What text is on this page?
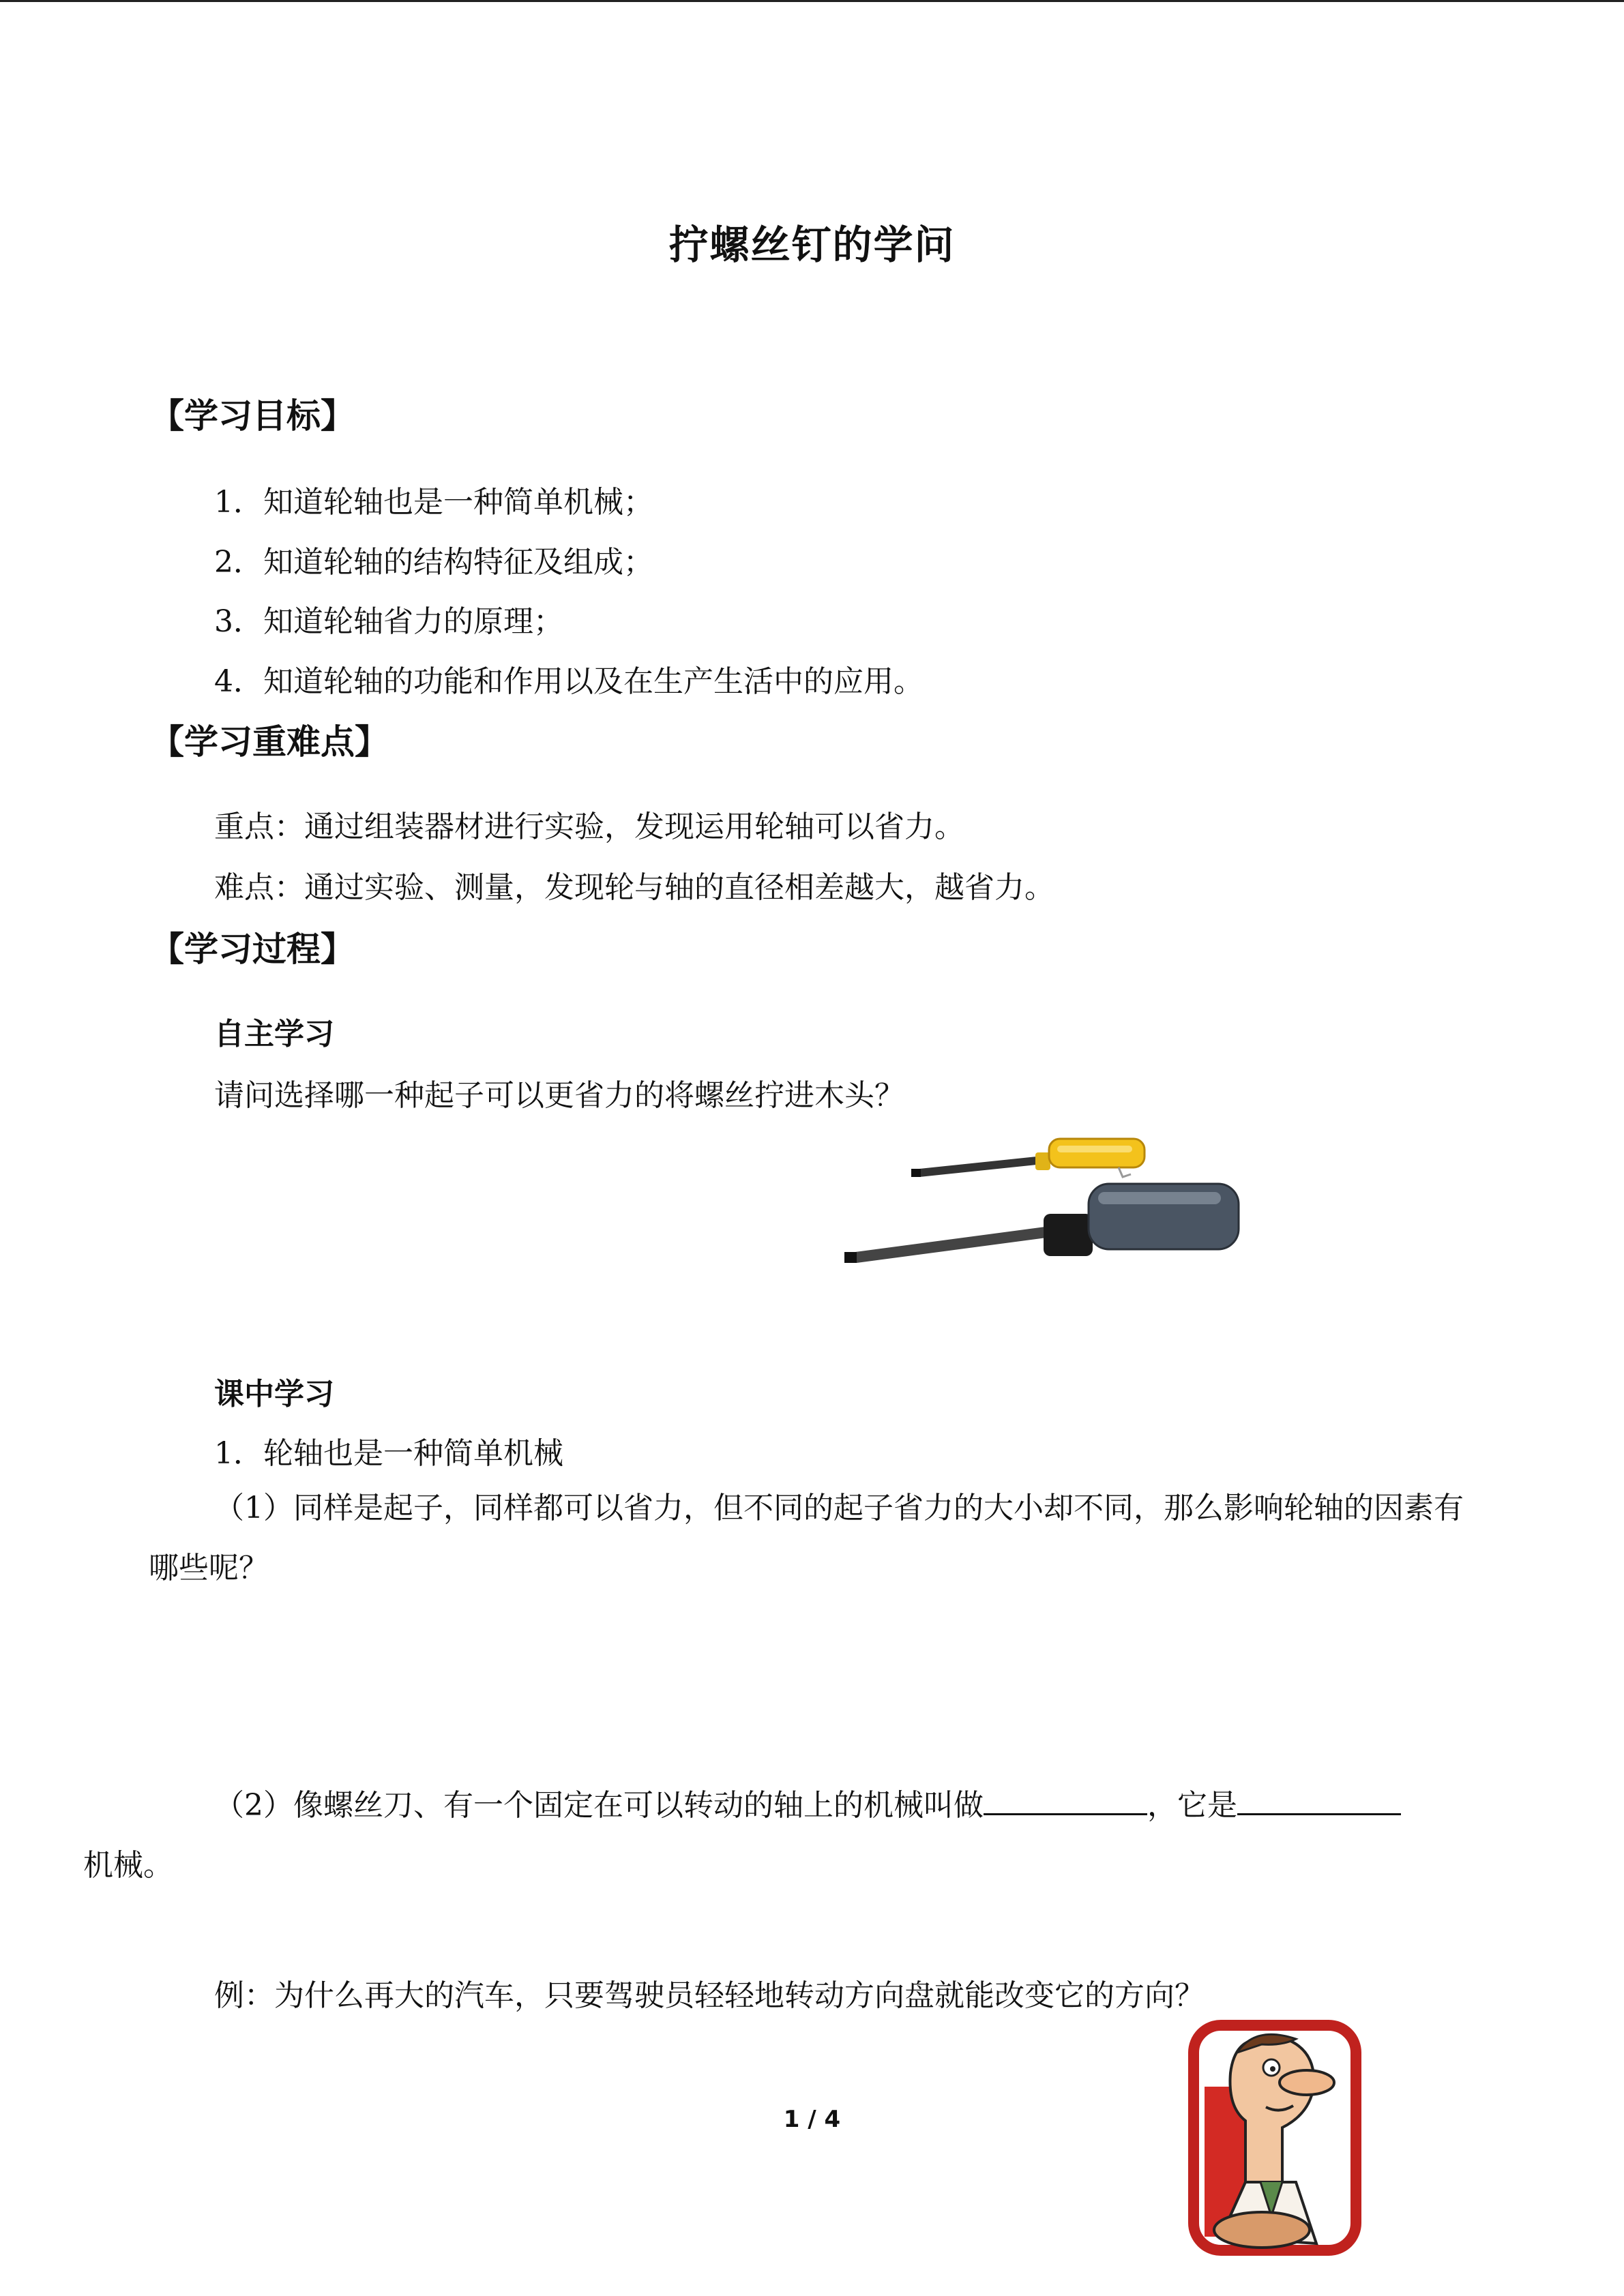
拧螺丝钉的学问
【学习目标】
1．知道轮轴也是一种简单机械；
2．知道轮轴的结构特征及组成；
3．知道轮轴省力的原理；
4．知道轮轴的功能和作用以及在生产生活中的应用。
【学习重难点】
重点：通过组装器材进行实验，发现运用轮轴可以省力。
难点：通过实验、测量，发现轮与轴的直径相差越大，越省力。
【学习过程】
自主学习
请问选择哪一种起子可以更省力的将螺丝拧进木头？
课中学习
1．轮轴也是一种简单机械
（1）同样是起子，同样都可以省力，但不同的起子省力的大小却不同，那么影响轮轴的因素有哪些呢？
（2）像螺丝刀、有一个固定在可以转动的轴上的机械叫做	，它是
机械。
例：为什么再大的汽车，只要驾驶员轻轻地转动方向盘就能改变它的方向？
1 / 4
